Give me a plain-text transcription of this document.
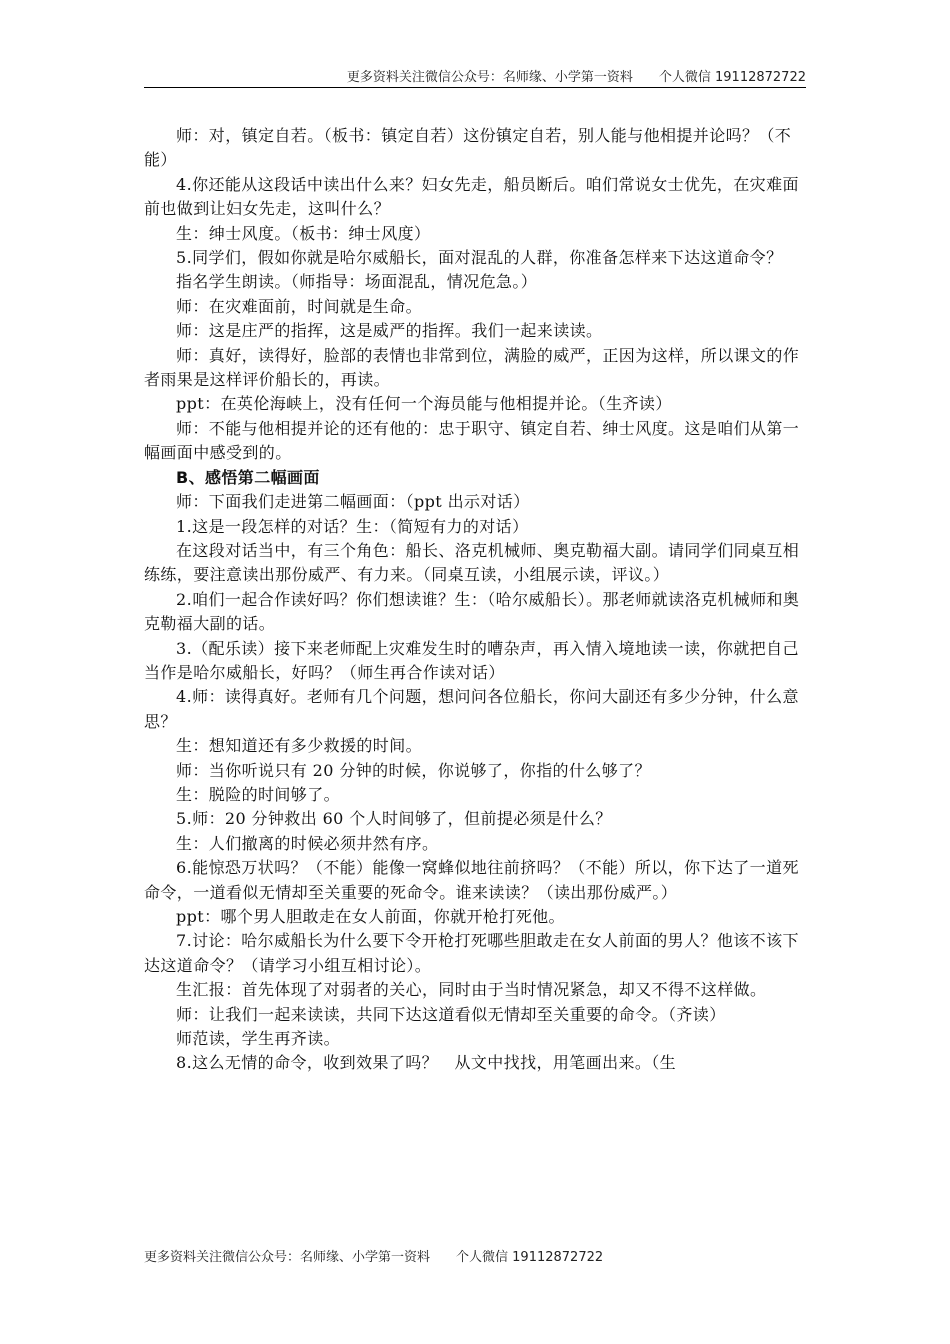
更多资料关注微信公众号：名师缘、小学第一资料 个人微信 19112872722

师：对，镇定自若。（板书：镇定自若）这份镇定自若，别人能与他相提并论吗？（不能）

4.你还能从这段话中读出什么来？妇女先走，船员断后。咱们常说女士优先，在灾难面前也做到让妇女先走，这叫什么？

生：绅士风度。（板书：绅士风度）

5.同学们，假如你就是哈尔威船长，面对混乱的人群，你准备怎样来下达这道命令？

指名学生朗读。（师指导：场面混乱，情况危急。）

师：在灾难面前，时间就是生命。

师：这是庄严的指挥，这是威严的指挥。我们一起来读读。

师：真好，读得好，脸部的表情也非常到位，满脸的威严，正因为这样，所以课文的作者雨果是这样评价船长的，再读。

ppt：在英伦海峡上，没有任何一个海员能与他相提并论。（生齐读）

师：不能与他相提并论的还有他的：忠于职守、镇定自若、绅士风度。这是咱们从第一幅画面中感受到的。

B、感悟第二幅画面

师：下面我们走进第二幅画面：（ppt 出示对话）

1.这是一段怎样的对话？生：（简短有力的对话）

在这段对话当中，有三个角色：船长、洛克机械师、奥克勒福大副。请同学们同桌互相练练，要注意读出那份威严、有力来。（同桌互读，小组展示读，评议。）

2.咱们一起合作读好吗？你们想读谁？生：（哈尔威船长）。那老师就读洛克机械师和奥克勒福大副的话。

3.（配乐读）接下来老师配上灾难发生时的嘈杂声，再入情入境地读一读，你就把自己当作是哈尔威船长，好吗？（师生再合作读对话）

4.师：读得真好。老师有几个问题，想问问各位船长，你问大副还有多少分钟，什么意思？

生：想知道还有多少救援的时间。

师：当你听说只有 20 分钟的时候，你说够了，你指的什么够了？

生：脱险的时间够了。

5.师：20 分钟救出 60 个人时间够了，但前提必须是什么？

生：人们撤离的时候必须井然有序。

6.能惊恐万状吗？（不能）能像一窝蜂似地往前挤吗？（不能）所以，你下达了一道死命令，一道看似无情却至关重要的死命令。谁来读读？（读出那份威严。）

ppt：哪个男人胆敢走在女人前面，你就开枪打死他。

7.讨论：哈尔威船长为什么要下令开枪打死哪些胆敢走在女人前面的男人？他该不该下达这道命令？（请学习小组互相讨论）。

生汇报：首先体现了对弱者的关心，同时由于当时情况紧急，却又不得不这样做。

师：让我们一起来读读，共同下达这道看似无情却至关重要的命令。（齐读）

师范读，学生再齐读。

8.这么无情的命令，收到效果了吗？　从文中找找，用笔画出来。（生

更多资料关注微信公众号：名师缘、小学第一资料 个人微信 19112872722
